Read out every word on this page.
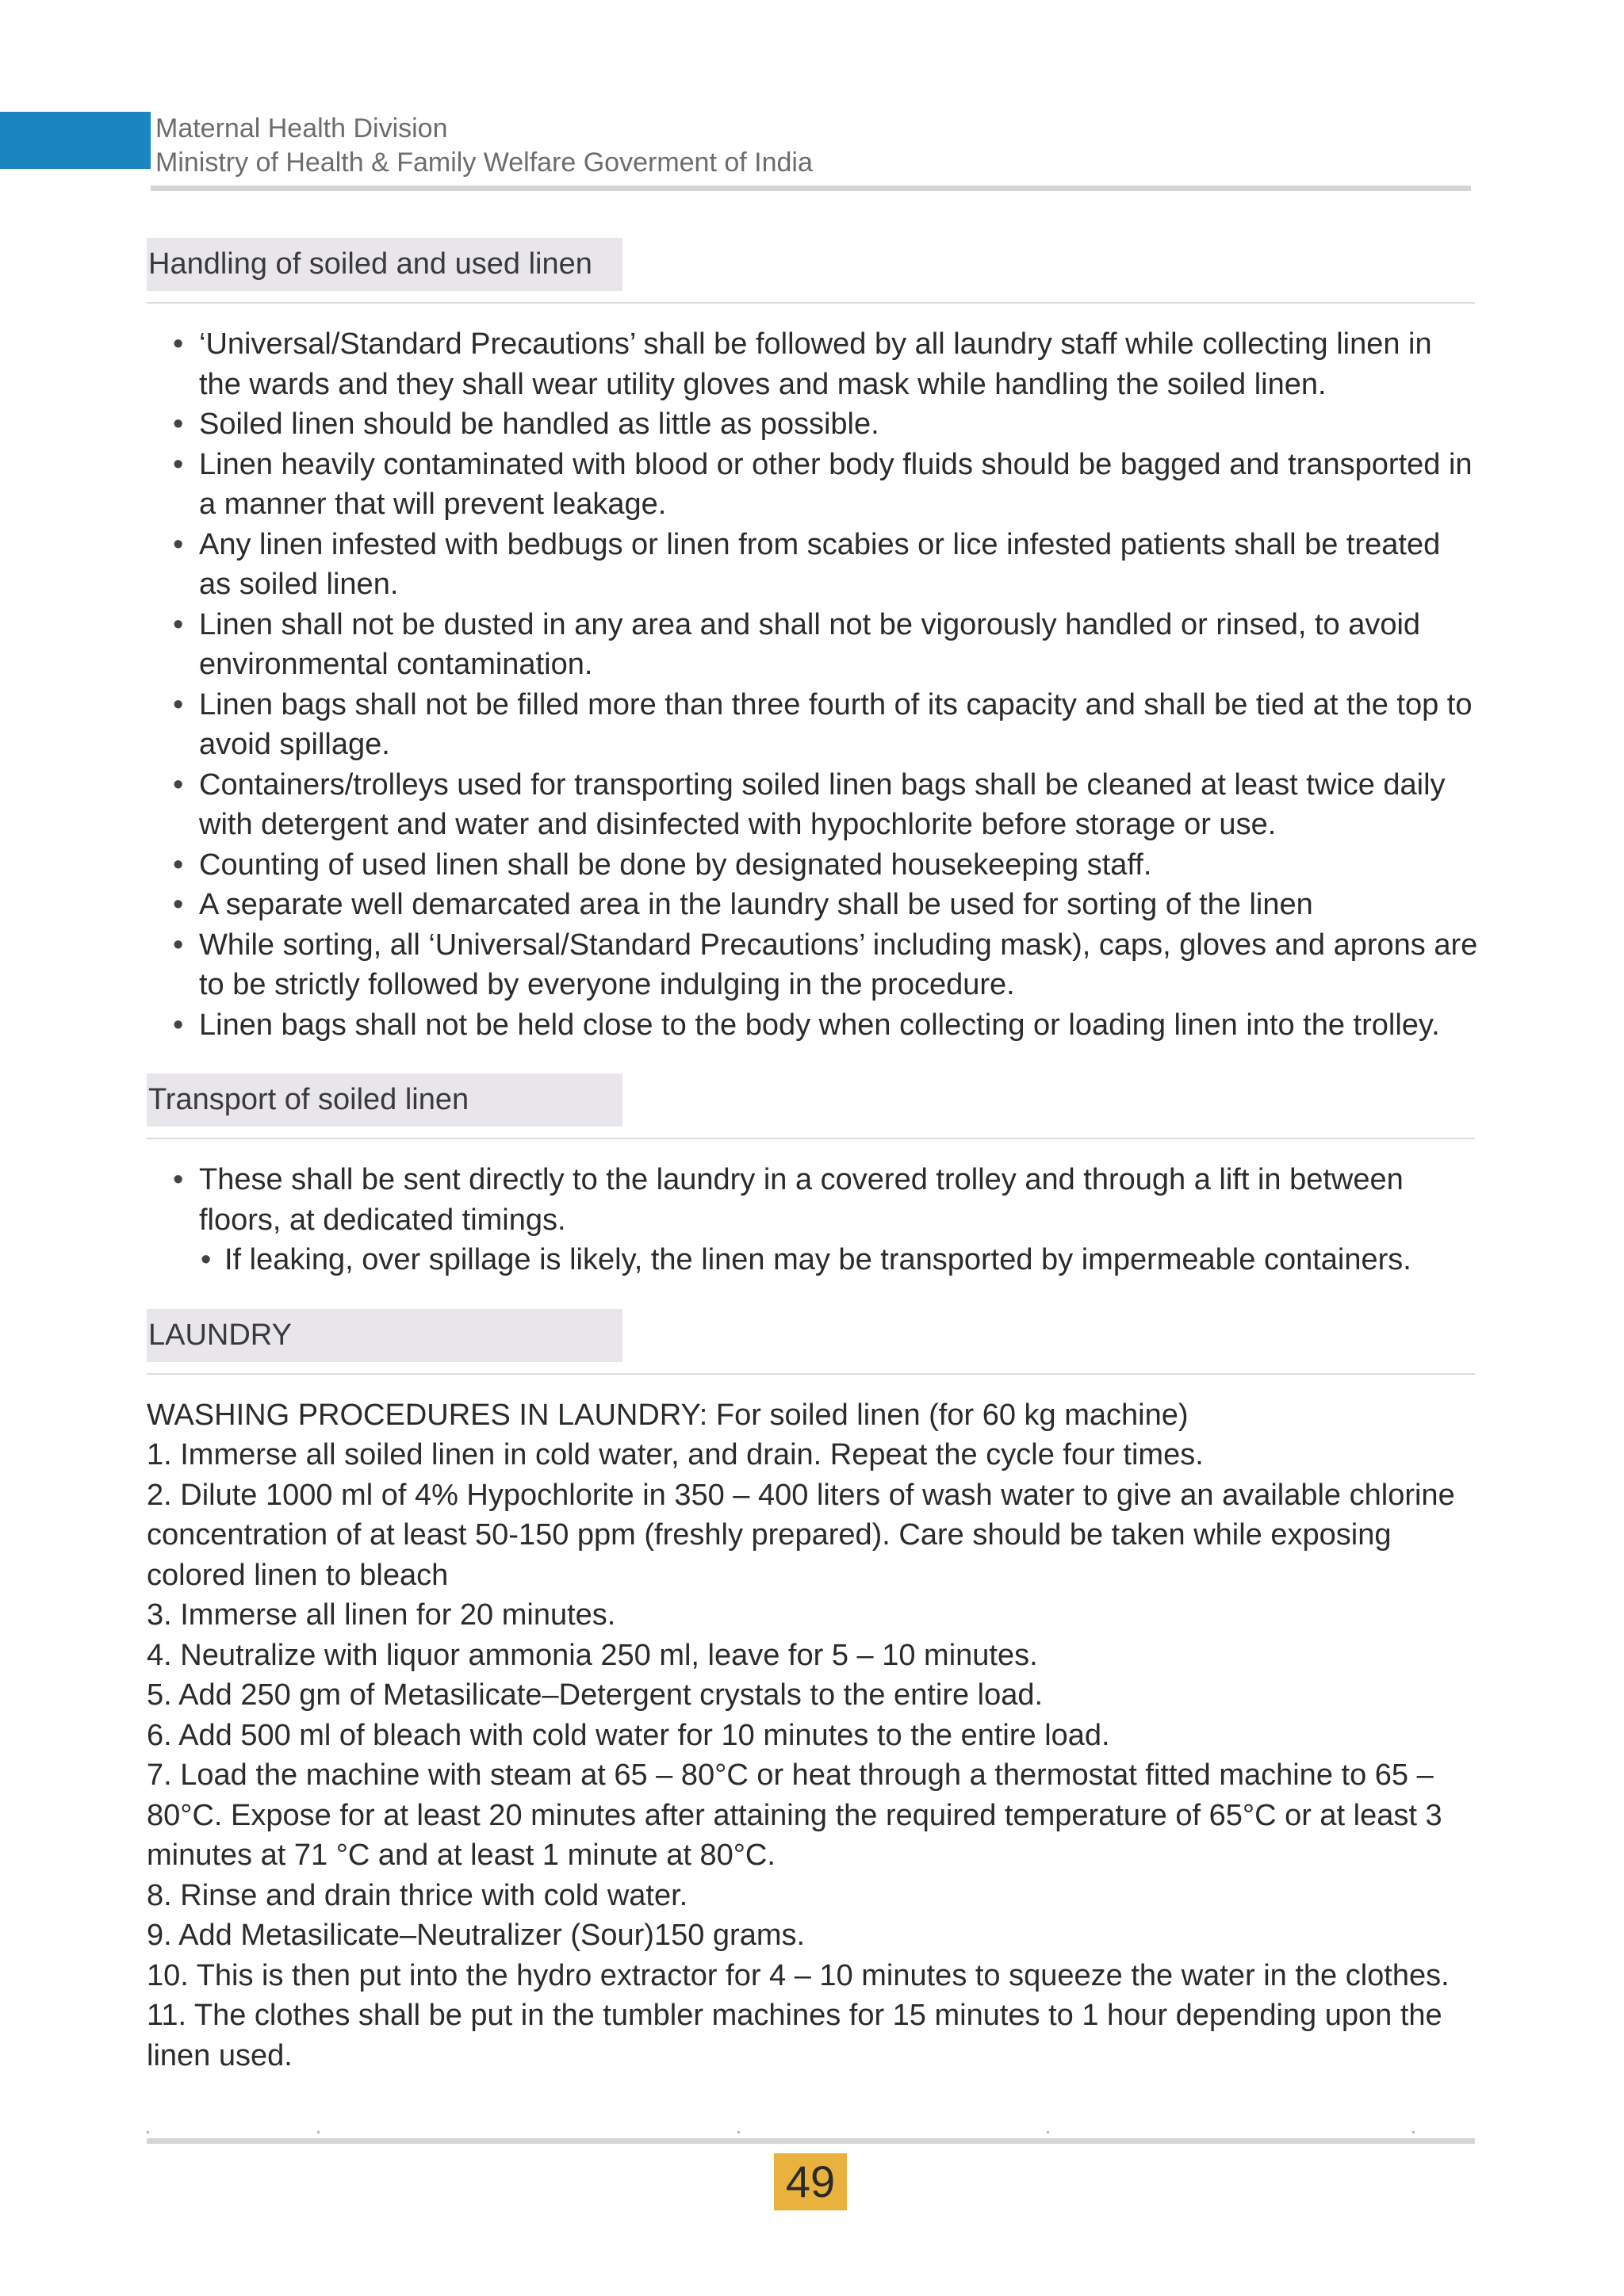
Maternal Health Division
Ministry of Health & Family Welfare Goverment of India
Handling of soiled and used linen
• ‘Universal/Standard Precautions’ shall be followed by all laundry staff while collecting linen in the wards and they shall wear utility gloves and mask while handling the soiled linen.
• Soiled linen should be handled as little as possible.
• Linen heavily contaminated with blood or other body fluids should be bagged and transported in a manner that will prevent leakage.
• Any linen infested with bedbugs or linen from scabies or lice infested patients shall be treated as soiled linen.
• Linen shall not be dusted in any area and shall not be vigorously handled or rinsed, to avoid environmental contamination.
• Linen bags shall not be filled more than three fourth of its capacity and shall be tied at the top to avoid spillage.
• Containers/trolleys used for transporting soiled linen bags shall be cleaned at least twice daily with detergent and water and disinfected with hypochlorite before storage or use.
• Counting of used linen shall be done by designated housekeeping staff.
• A separate well demarcated area in the laundry shall be used for sorting of the linen
• While sorting, all ‘Universal/Standard Precautions’ including mask), caps, gloves and aprons are to be strictly followed by everyone indulging in the procedure.
• Linen bags shall not be held close to the body when collecting or loading linen into the trolley.
Transport of soiled linen
• These shall be sent directly to the laundry in a covered trolley and through a lift in between floors, at dedicated timings.
• If leaking, over spillage is likely, the linen may be transported by impermeable containers.
LAUNDRY

WASHING PROCEDURES IN LAUNDRY: For soiled linen (for 60 kg machine)

1. Immerse all soiled linen in cold water, and drain. Repeat the cycle four times.

2. Dilute 1000 ml of 4% Hypochlorite in 350 – 400 liters of wash water to give an available chlorine concentration of at least 50-150 ppm (freshly prepared). Care should be taken while exposing colored linen to bleach

3. Immerse all linen for 20 minutes.

4. Neutralize with liquor ammonia 250 ml, leave for 5 – 10 minutes.

5. Add 250 gm of Metasilicate–Detergent crystals to the entire load.

6. Add 500 ml of bleach with cold water for 10 minutes to the entire load.

7. Load the machine with steam at 65 – 80°C or heat through a thermostat fitted machine to 65 – 80°C. Expose for at least 20 minutes after attaining the required temperature of 65°C or at least 3 minutes at 71 °C and at least 1 minute at 80°C.

8. Rinse and drain thrice with cold water.

9. Add Metasilicate–Neutralizer (Sour)150 grams.

10. This is then put into the hydro extractor for 4 – 10 minutes to squeeze the water in the clothes.

11. The clothes shall be put in the tumbler machines for 15 minutes to 1 hour depending upon the linen used.

49
